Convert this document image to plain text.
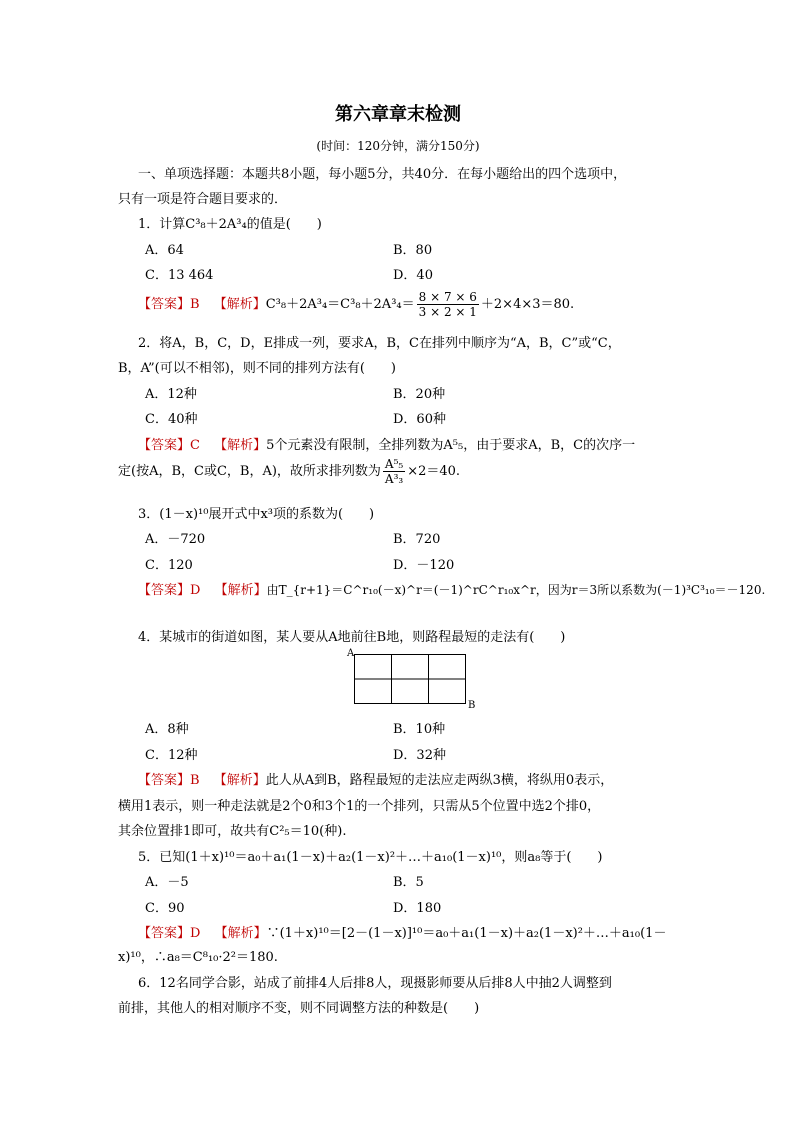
第六章章末检测
(时间：120分钟，满分150分)
一、单项选择题：本题共8小题，每小题5分，共40分．在每小题给出的四个选项中，
只有一项是符合题目要求的．
1．计算C³₈＋2A³₄的值是(　　)
A．64	B．80
C．13 464	D．40
【答案】B 【解析】$C^3_8+2A^3_4=C^3_8+2A^3_4= \frac{8 \times 7 \times 6}{3 \times 2 \times 1} +2\times 4\times 3=80$.
2．将A，B，C，D，E排成一列，要求A，B，C在排列中顺序为“A，B，C”或“C，
B，A”(可以不相邻)，则不同的排列方法有(　　)
A．12种	B．20种
C．40种	D．60种
【答案】C 【解析】5个元素没有限制，全排列数为A⁵₅，由于要求A，B，C的次序一
定(按A，B，C或C，B，A)，故所求排列数为 $\frac{\text{A⁵₅}}{\text{A³₃}} \times 2=40$.
3．(1－x)¹⁰展开式中x³项的系数为(　　)
A．－720	B．720
C．120	D．－120
【答案】D 【解析】由T_{r+1}＝C^r₁₀(－x)^r＝(－1)^rC^r₁₀x^r，因为r＝3所以系数为(－1)³C³₁₀＝－120.
4．某城市的街道如图，某人要从A地前往B地，则路程最短的走法有(　　)
A
B
A．8种	B．10种
C．12种	D．32种
【答案】B 【解析】此人从A到B，路程最短的走法应走两纵3横，将纵用0表示，
横用1表示，则一种走法就是2个0和3个1的一个排列，只需从5个位置中选2个排0，
其余位置排1即可，故共有C²₅＝10(种).
5．已知(1＋x)¹⁰＝a₀＋a₁(1－x)＋a₂(1－x)²＋…＋a₁₀(1－x)¹⁰，则a₈等于(　　)
A．－5	B．5
C．90	D．180
【答案】D 【解析】∵(1＋x)¹⁰＝[2－(1－x)]¹⁰＝a₀＋a₁(1－x)＋a₂(1－x)²＋…＋a₁₀(1－
x)¹⁰，∴a₈＝C⁸₁₀·2²＝180.
6．12名同学合影，站成了前排4人后排8人，现摄影师要从后排8人中抽2人调整到
前排，其他人的相对顺序不变，则不同调整方法的种数是(　　)
